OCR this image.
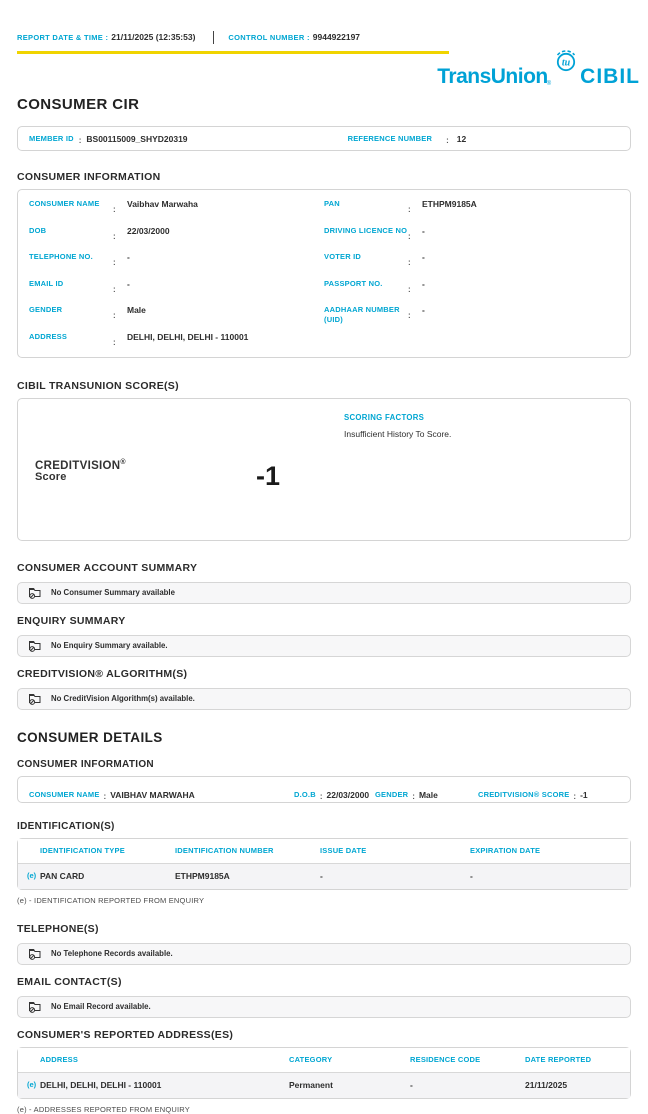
REPORT DATE & TIME : 21/11/2025 (12:35:53)	CONTROL NUMBER : 9944922197
TransUnion ®
tu
CIBIL
CONSUMER CIR
MEMBER ID : BS00115009_SHYD20319	REFERENCE NUMBER :	12
CONSUMER INFORMATION
CONSUMER NAME :	Vaibhav Marwaha
DOB :	22/03/2000
TELEPHONE NO. :	-
EMAIL ID :	-
GENDER :	Male
ADDRESS :	DELHI, DELHI, DELHI - 110001
PAN :	ETHPM9185A
DRIVING LICENCE NO : -
VOTER ID :	-
PASSPORT NO. :	-
AADHAAR NUMBER (UID)
:
-
CIBIL TRANSUNION SCORE(S)
CREDITVISION®
Score	-1
SCORING FACTORS
Insufficient History To Score.
CONSUMER ACCOUNT SUMMARY
No Consumer Summary available
ENQUIRY SUMMARY
No Enquiry Summary available.
CREDITVISION® ALGORITHM(S)
No CreditVision Algorithm(s) available.
CONSUMER DETAILS
CONSUMER INFORMATION
CONSUMER NAME : VAIBHAV MARWAHA	D.O.B : 22/03/2000 GENDER : Male	CREDITVISION® SCORE : -1
IDENTIFICATION(S)
IDENTIFICATION TYPE	IDENTIFICATION NUMBER	ISSUE DATE	EXPIRATION DATE
(e) PAN CARD	ETHPM9185A	-	-
(e) - IDENTIFICATION REPORTED FROM ENQUIRY
TELEPHONE(S)
No Telephone Records available.
EMAIL CONTACT(S)
No Email Record available.
CONSUMER'S REPORTED ADDRESS(ES)
ADDRESS	CATEGORY	RESIDENCE CODE	DATE REPORTED
(e) DELHI, DELHI, DELHI - 110001	Permanent	-	21/11/2025
(e) - ADDRESSES REPORTED FROM ENQUIRY
